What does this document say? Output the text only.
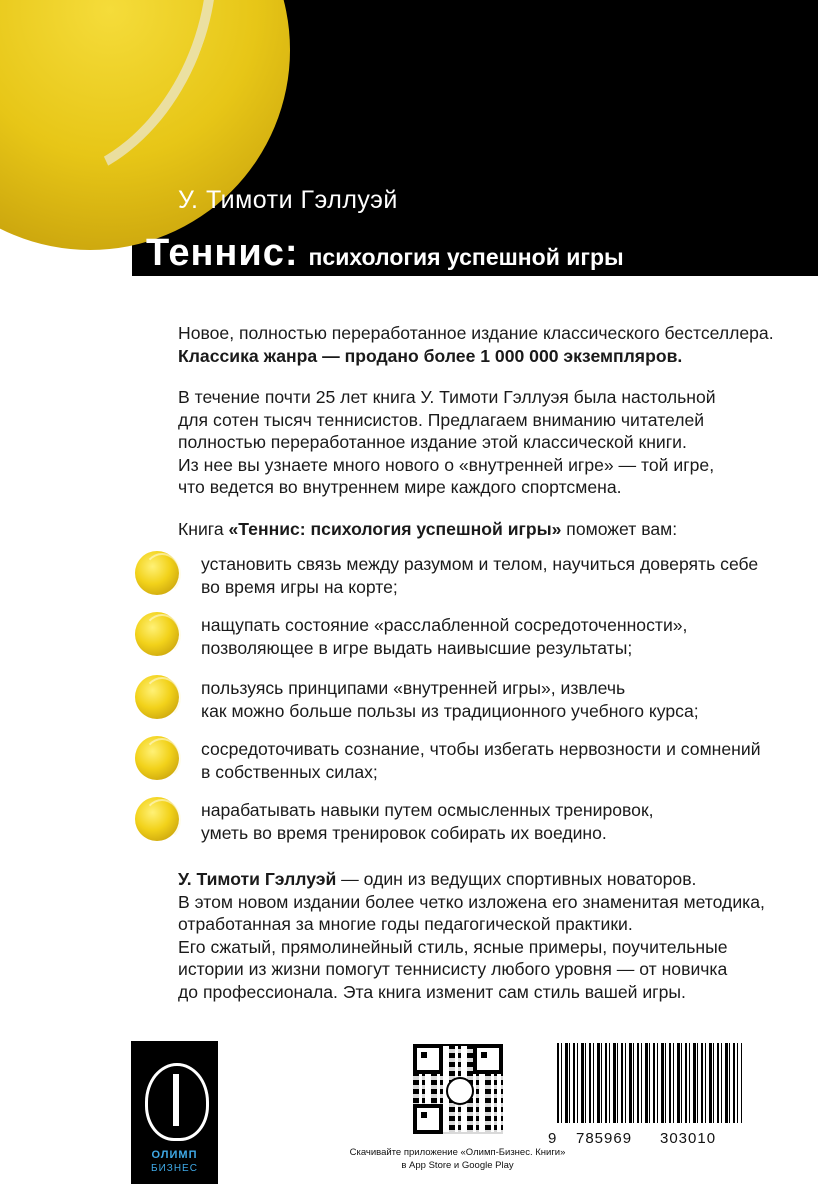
У. Тимоти Гэллуэй
Теннис: психология успешной игры

Новое, полностью переработанное издание классического бестселлера.
Классика жанра — продано более 1 000 000 экземпляров.

В течение почти 25 лет книга У. Тимоти Гэллуэя была настольной
для сотен тысяч теннисистов. Предлагаем вниманию читателей
полностью переработанное издание этой классической книги.
Из нее вы узнаете много нового о «внутренней игре» — той игре,
что ведется во внутреннем мире каждого спортсмена.

Книга «Теннис: психология успешной игры» поможет вам:

установить связь между разумом и телом, научиться доверять себе
во время игры на корте;
нащупать состояние «расслабленной сосредоточенности»,
позволяющее в игре выдать наивысшие результаты;
пользуясь принципами «внутренней игры», извлечь
как можно больше пользы из традиционного учебного курса;
сосредоточивать сознание, чтобы избегать нервозности и сомнений
в собственных силах;
нарабатывать навыки путем осмысленных тренировок,
уметь во время тренировок собирать их воедино.
У. Тимоти Гэллуэй — один из ведущих спортивных новаторов.
В этом новом издании более четко изложена его знаменитая методика,
отработанная за многие годы педагогической практики.
Его сжатый, прямолинейный стиль, ясные примеры, поучительные
истории из жизни помогут теннисисту любого уровня — от новичка
до профессионала. Эта книга изменит сам стиль вашей игры.
ОЛИМП
БИЗНЕС
Скачивайте приложение «Олимп-Бизнес. Книги»
в App Store и Google Play
9 785969 303010
